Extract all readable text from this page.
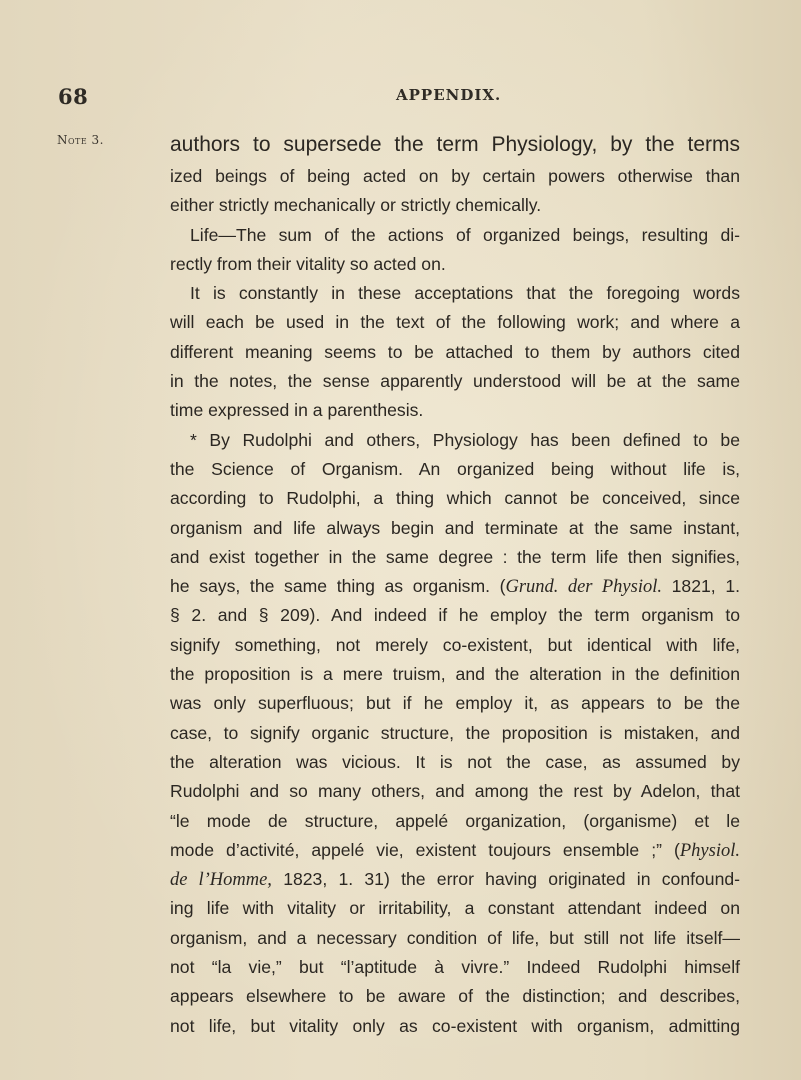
68	APPENDIX.
Note 3.	authors to supersede the term Physiology, by the terms
ized beings of being acted on by certain powers otherwise than
either strictly mechanically or strictly chemically.
Life—The sum of the actions of organized beings, resulting di-
rectly from their vitality so acted on.
It is constantly in these acceptations that the foregoing words
will each be used in the text of the following work; and where a
different meaning seems to be attached to them by authors cited
in the notes, the sense apparently understood will be at the same
time expressed in a parenthesis.
* By Rudolphi and others, Physiology has been defined to be
the Science of Organism. An organized being without life is,
according to Rudolphi, a thing which cannot be conceived, since
organism and life always begin and terminate at the same instant,
and exist together in the same degree : the term life then signifies,
he says, the same thing as organism. (Grund. der Physiol. 1821, 1.
§ 2. and § 209). And indeed if he employ the term organism to
signify something, not merely co-existent, but identical with life,
the proposition is a mere truism, and the alteration in the definition
was only superfluous; but if he employ it, as appears to be the
case, to signify organic structure, the proposition is mistaken, and
the alteration was vicious. It is not the case, as assumed by
Rudolphi and so many others, and among the rest by Adelon, that
“le mode de structure, appelé organization, (organisme) et le
mode d’activité, appelé vie, existent toujours ensemble ;” (Physiol.
de l’Homme, 1823, 1. 31) the error having originated in confound-
ing life with vitality or irritability, a constant attendant indeed on
organism, and a necessary condition of life, but still not life itself—
not “la vie,” but “l’aptitude à vivre.” Indeed Rudolphi himself
appears elsewhere to be aware of the distinction; and describes,
not life, but vitality only as co-existent with organism, admitting
